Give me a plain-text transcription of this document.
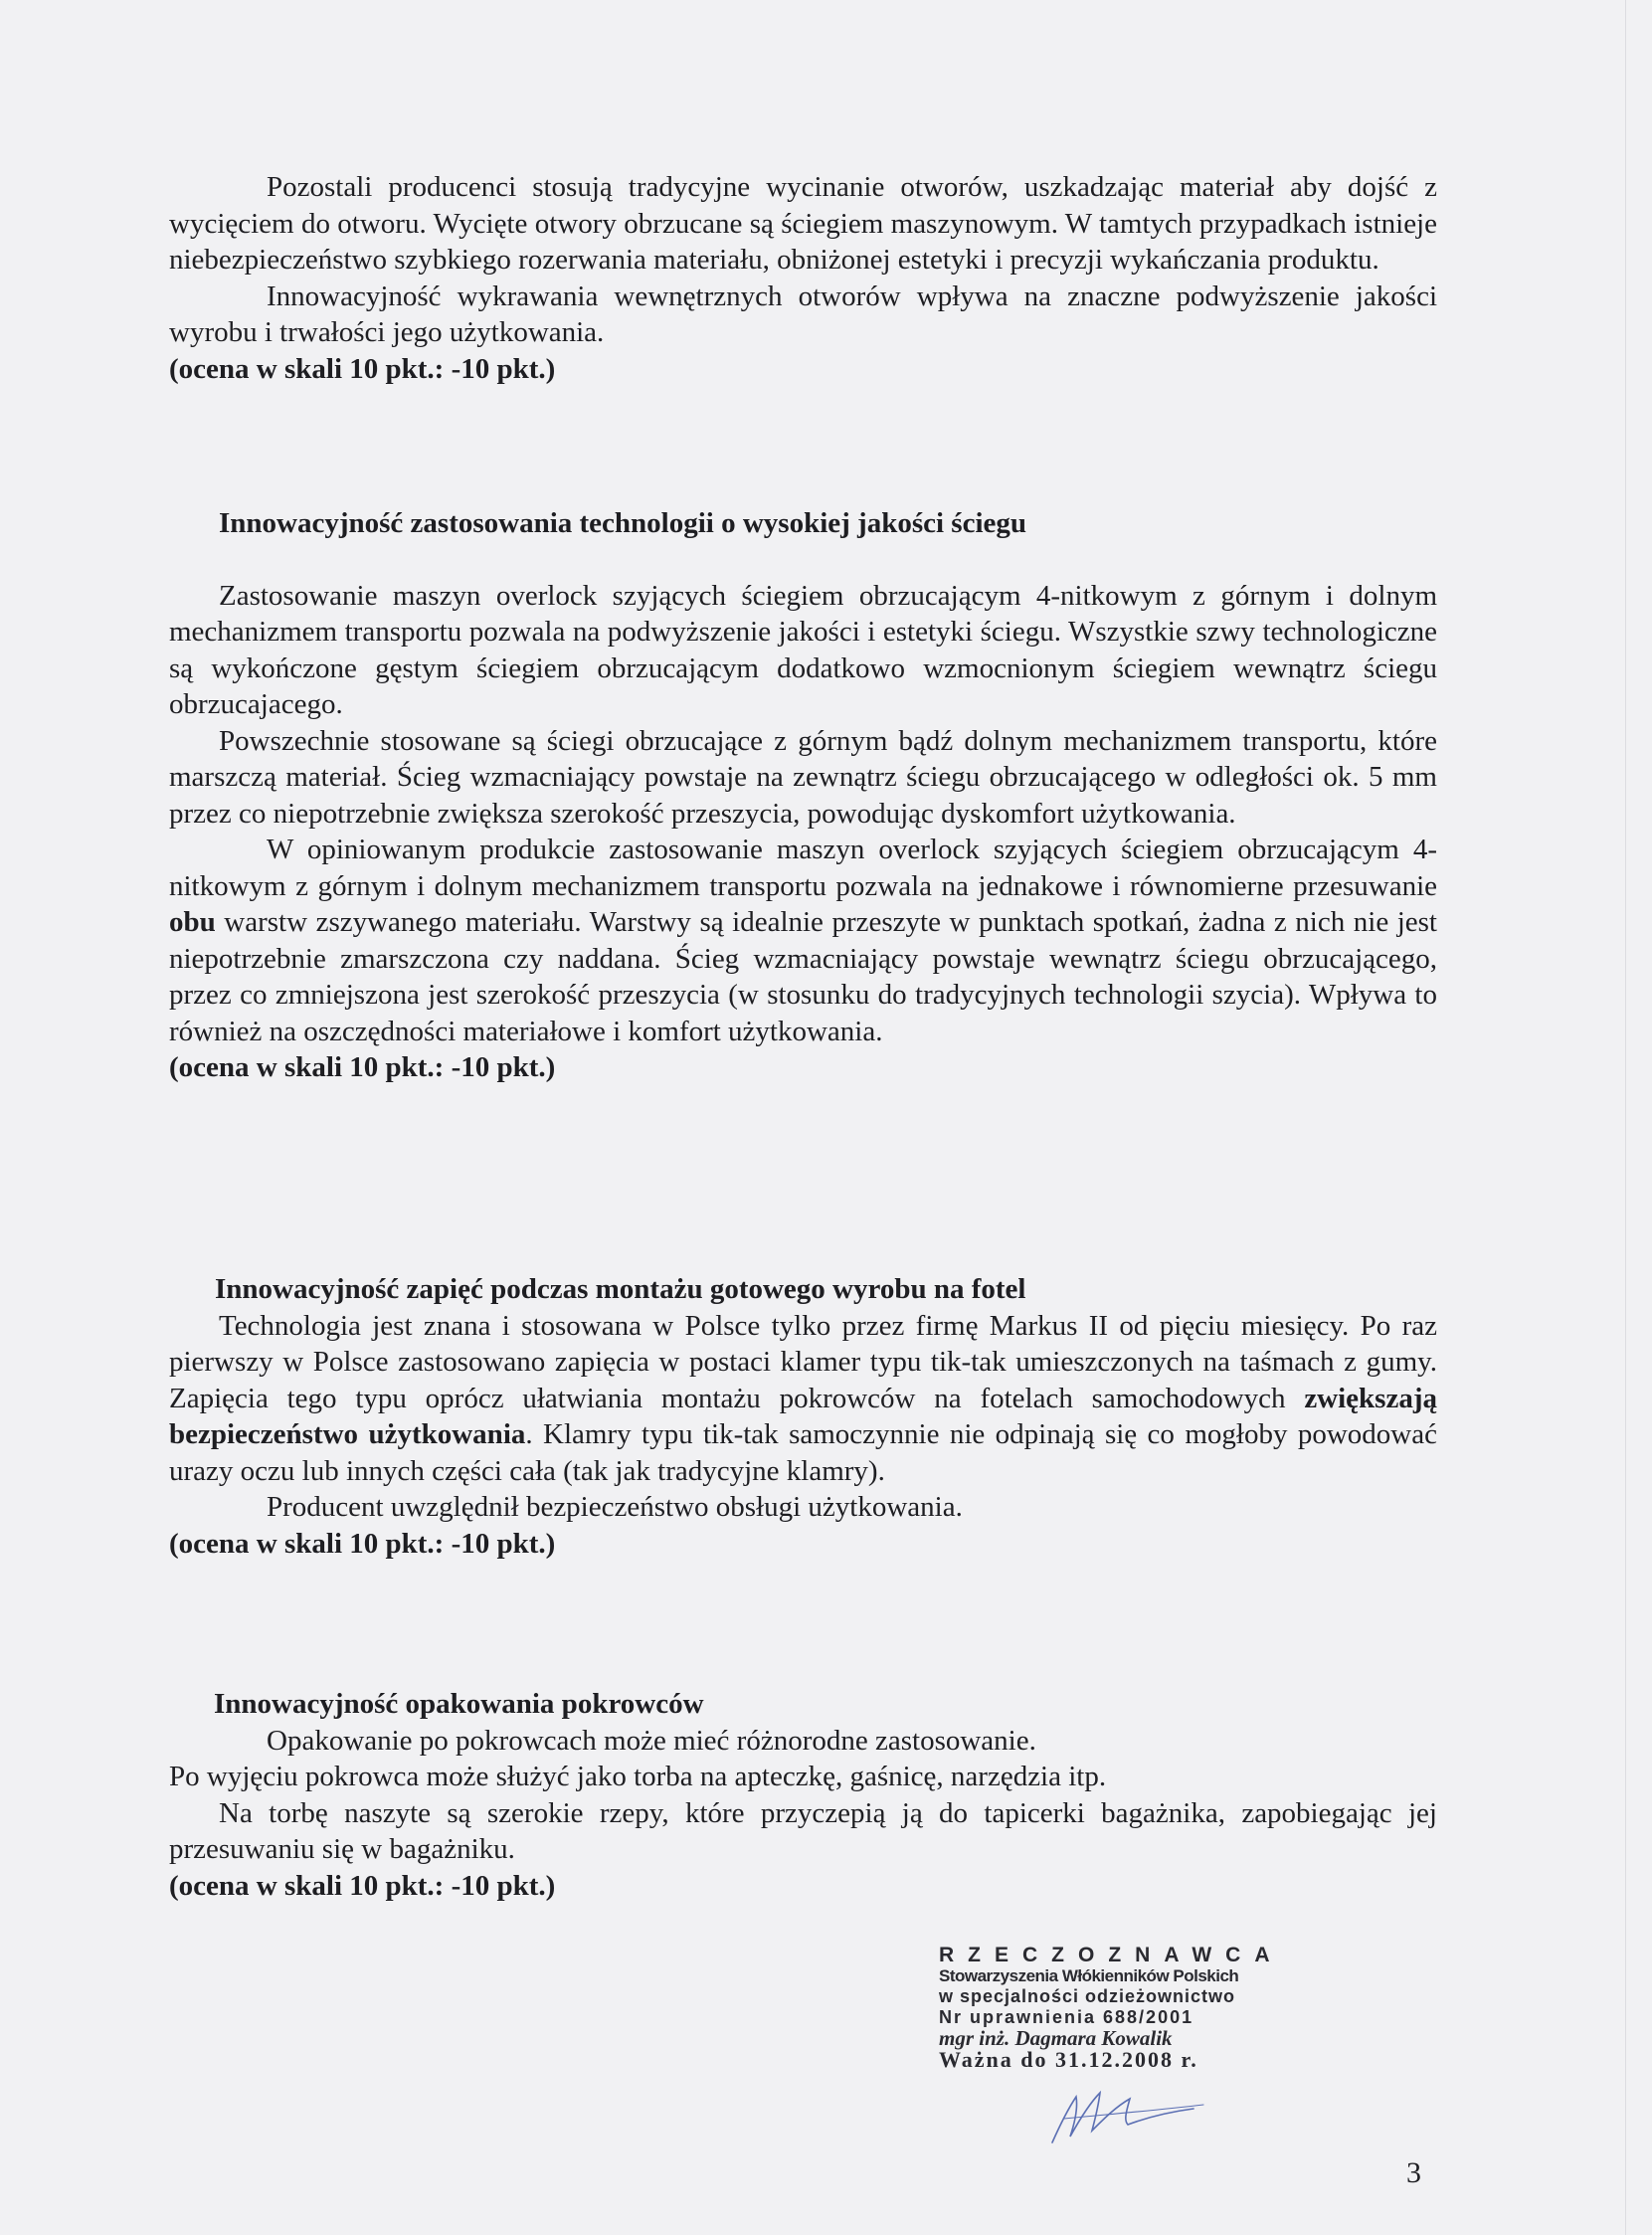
Pozostali producenci stosują tradycyjne wycinanie otworów, uszkadzając materiał aby dojść z wycięciem do otworu. Wycięte otwory obrzucane są ściegiem maszynowym. W tamtych przypadkach istnieje niebezpieczeństwo szybkiego rozerwania materiału, obniżonej estetyki i precyzji wykańczania produktu.

Innowacyjność wykrawania wewnętrznych otworów wpływa na znaczne podwyższenie jakości wyrobu i trwałości jego użytkowania.

(ocena w skali 10 pkt.: -10 pkt.)

Innowacyjność zastosowania technologii o wysokiej jakości ściegu

Zastosowanie maszyn overlock szyjących ściegiem obrzucającym 4-nitkowym z górnym i dolnym mechanizmem transportu pozwala na podwyższenie jakości i estetyki ściegu. Wszystkie szwy technologiczne są wykończone gęstym ściegiem obrzucającym dodatkowo wzmocnionym ściegiem wewnątrz ściegu obrzucajacego.

Powszechnie stosowane są ściegi obrzucające z górnym bądź dolnym mechanizmem transportu, które marszczą materiał. Ścieg wzmacniający powstaje na zewnątrz ściegu obrzucającego w odległości ok. 5 mm przez co niepotrzebnie zwiększa szerokość przeszycia, powodując dyskomfort użytkowania.

W opiniowanym produkcie zastosowanie maszyn overlock szyjących ściegiem obrzucającym 4-nitkowym z górnym i dolnym mechanizmem transportu pozwala na jednakowe i równomierne przesuwanie obu warstw zszywanego materiału. Warstwy są idealnie przeszyte w punktach spotkań, żadna z nich nie jest niepotrzebnie zmarszczona czy naddana. Ścieg wzmacniający powstaje wewnątrz ściegu obrzucającego, przez co zmniejszona jest szerokość przeszycia (w stosunku do tradycyjnych technologii szycia). Wpływa to również na oszczędności materiałowe i komfort użytkowania.

(ocena w skali 10 pkt.: -10 pkt.)

Innowacyjność zapięć podczas montażu gotowego wyrobu na fotel

Technologia jest znana i stosowana w Polsce tylko przez firmę Markus II od pięciu miesięcy. Po raz pierwszy w Polsce zastosowano zapięcia w postaci klamer typu tik-tak umieszczonych na taśmach z gumy. Zapięcia tego typu oprócz ułatwiania montażu pokrowców na fotelach samochodowych zwiększają bezpieczeństwo użytkowania. Klamry typu tik-tak samoczynnie nie odpinają się co mogłoby powodować urazy oczu lub innych części cała (tak jak tradycyjne klamry).

Producent uwzględnił bezpieczeństwo obsługi użytkowania.

(ocena w skali 10 pkt.: -10 pkt.)

Innowacyjność opakowania pokrowców

Opakowanie po pokrowcach może mieć różnorodne zastosowanie.

Po wyjęciu pokrowca może służyć jako torba na apteczkę, gaśnicę, narzędzia itp.

Na torbę naszyte są szerokie rzepy, które przyczepią ją do tapicerki bagażnika, zapobiegając jej przesuwaniu się w bagażniku.

(ocena w skali 10 pkt.: -10 pkt.)

RZECZOZNAWCA
Stowarzyszenia Włókienników Polskich
w specjalności odzieżownictwo
Nr uprawnienia 688/2001
mgr inż. Dagmara Kowalik
Ważna do 31.12.2008 r.
3
